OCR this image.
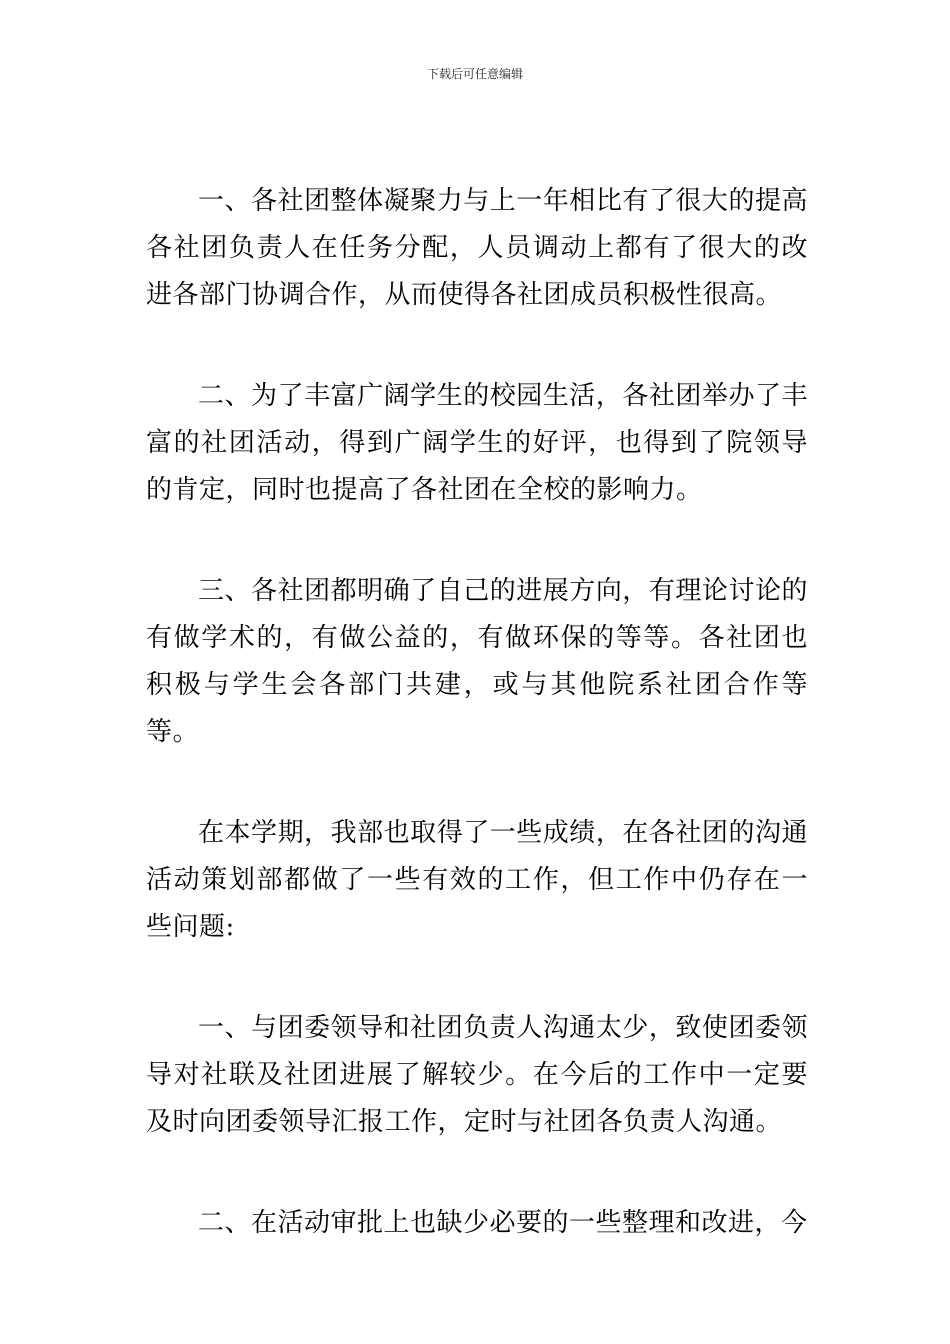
下载后可任意编辑

一、各社团整体凝聚力与上一年相比有了很大的提高各社团负责人在任务分配，人员调动上都有了很大的改进各部门协调合作，从而使得各社团成员积极性很高。

二、为了丰富广阔学生的校园生活，各社团举办了丰富的社团活动，得到广阔学生的好评，也得到了院领导的肯定，同时也提高了各社团在全校的影响力。

三、各社团都明确了自己的进展方向，有理论讨论的有做学术的，有做公益的，有做环保的等等。各社团也积极与学生会各部门共建，或与其他院系社团合作等等。

在本学期，我部也取得了一些成绩，在各社团的沟通活动策划部都做了一些有效的工作，但工作中仍存在一些问题:

一、与团委领导和社团负责人沟通太少，致使团委领导对社联及社团进展了解较少。在今后的工作中一定要及时向团委领导汇报工作，定时与社团各负责人沟通。

二、在活动审批上也缺少必要的一些整理和改进，今
